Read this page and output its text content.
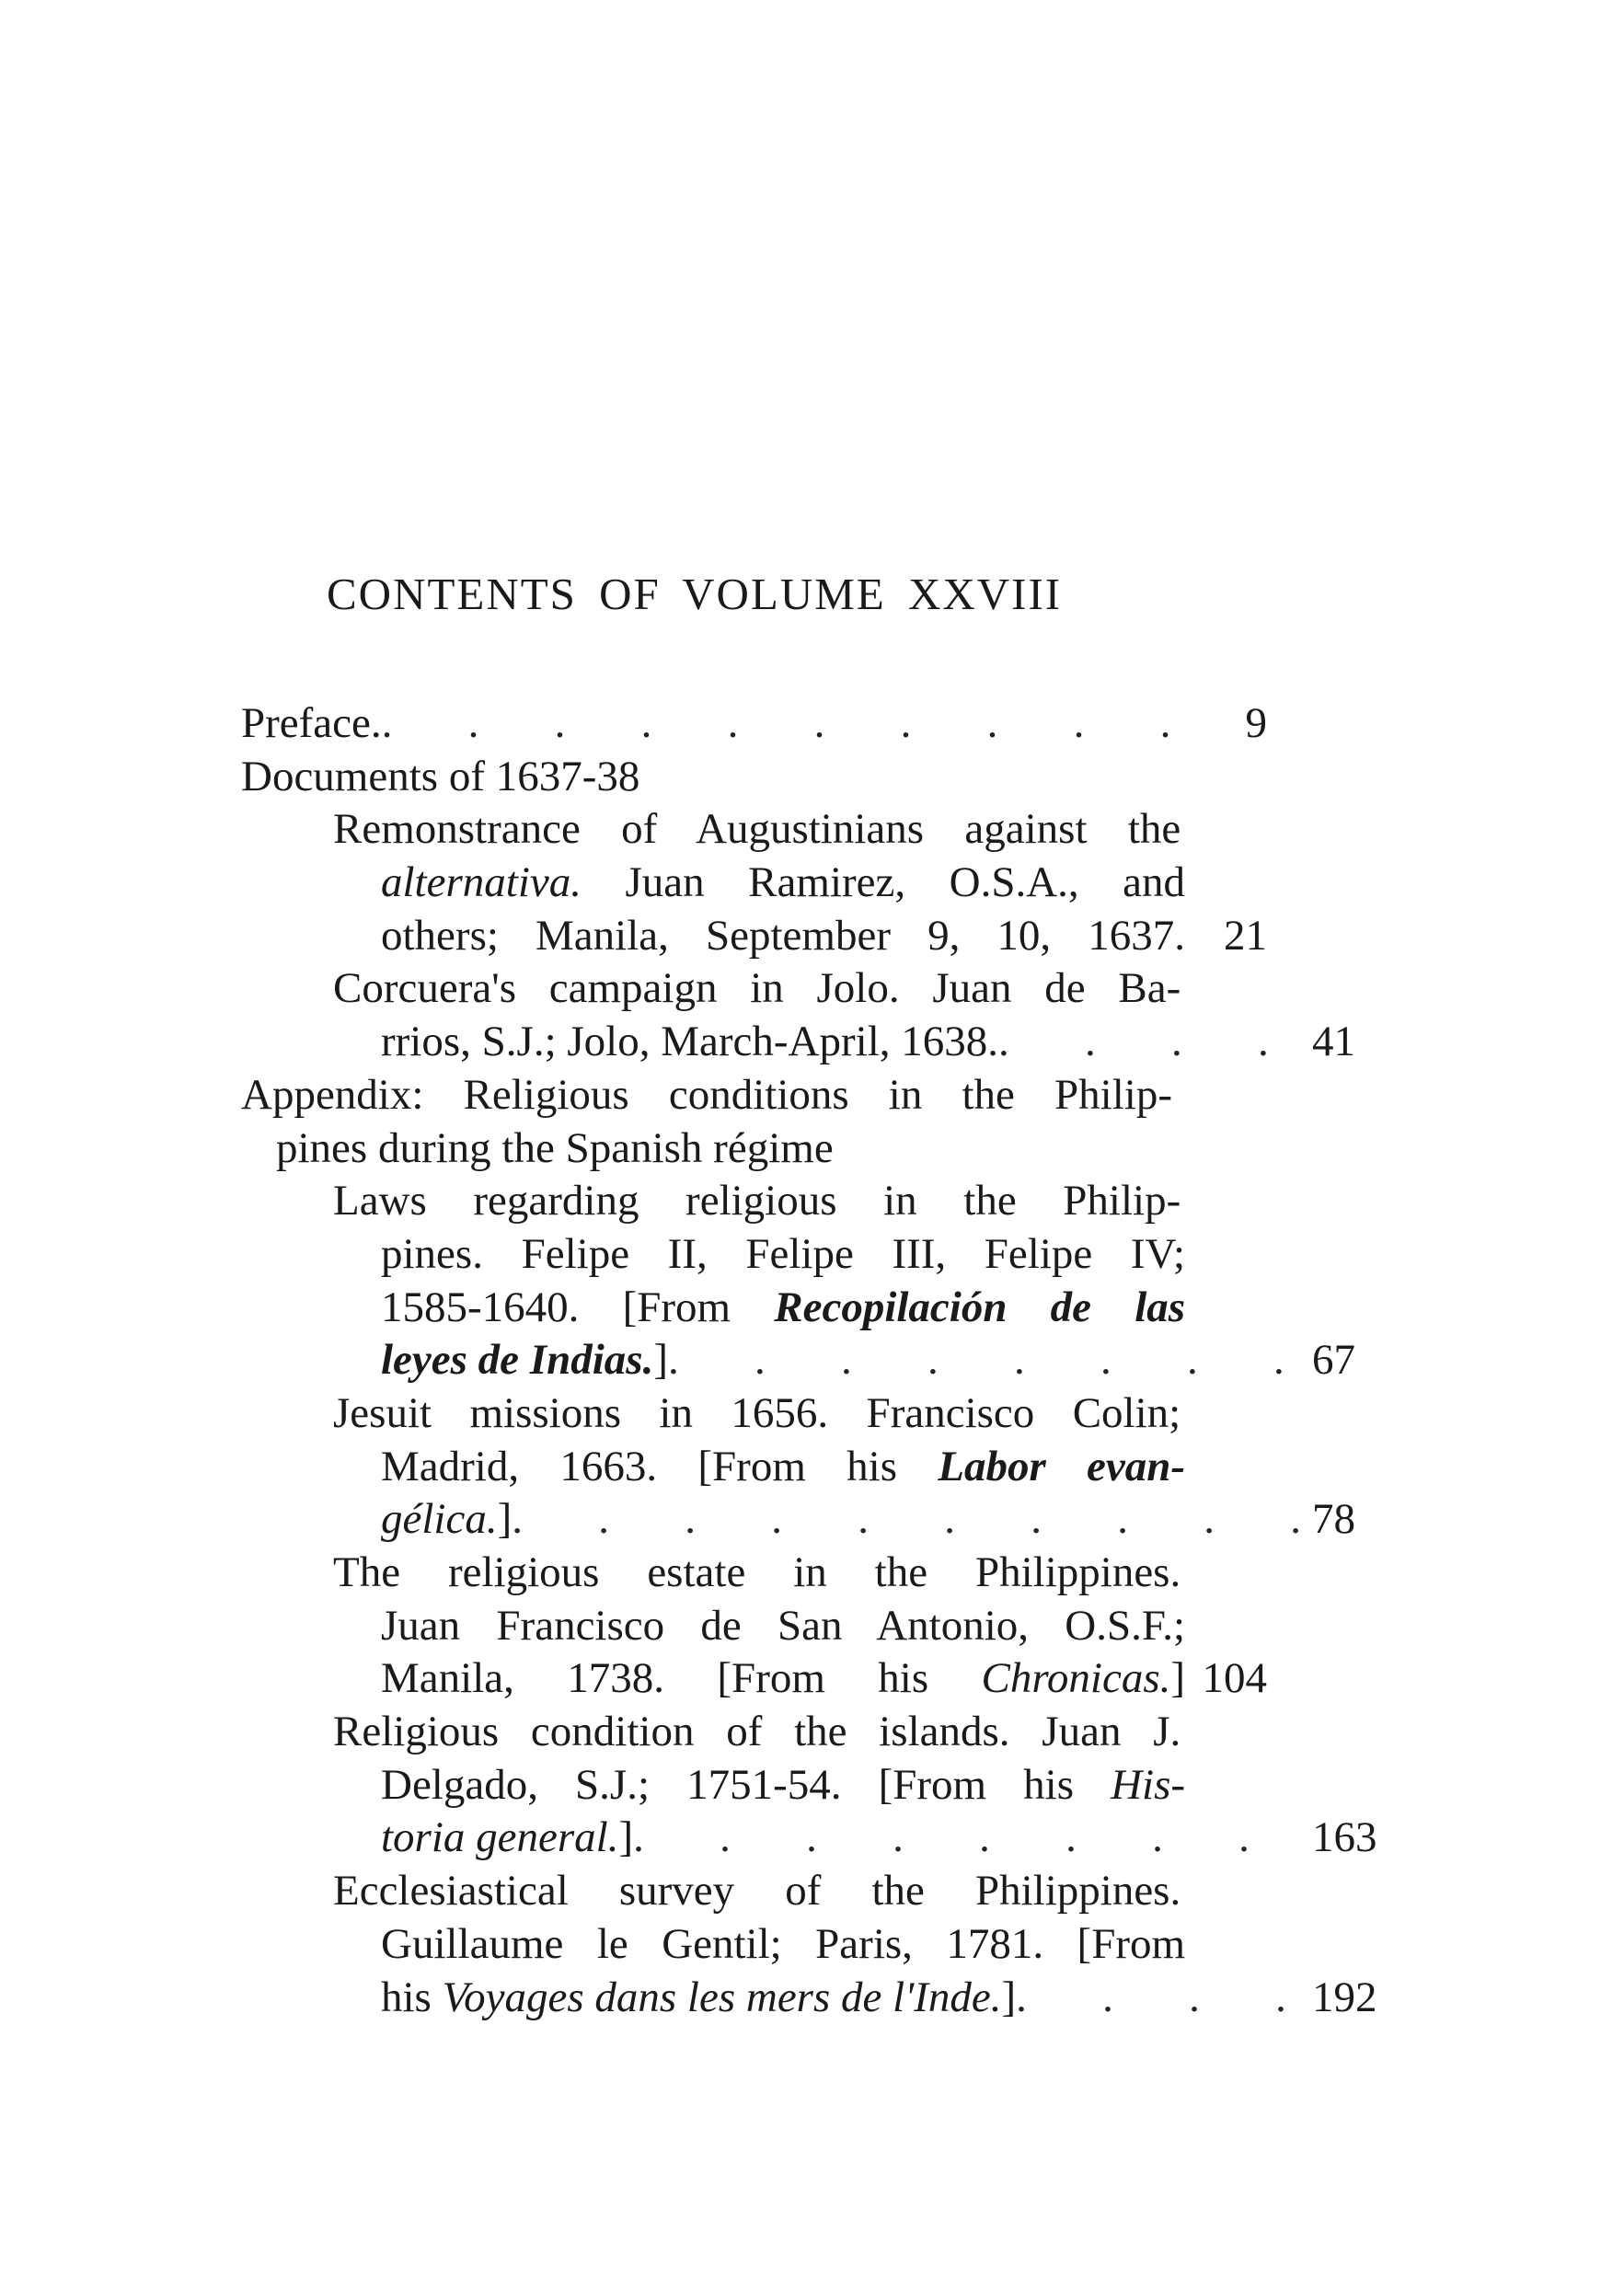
CONTENTS OF VOLUME XXVIII
Preface. .	9
Documents of 1637-38
Remonstrance of Augustinians against the
alternativa. Juan Ramirez, O.S.A., and
others; Manila, September 9, 10, 1637. 21
Corcuera's campaign in Jolo. Juan de Ba-
rrios, S.J.; Jolo, March-April, 1638. .	41
Appendix: Religious conditions in the Philip-
pines during the Spanish régime
Laws regarding religious in the Philip-
pines. Felipe II, Felipe III, Felipe IV;
1585-1640. [From Recopilación de las
leyes de Indias.] .	67
Jesuit missions in 1656. Francisco Colin;
Madrid, 1663. [From his Labor evan-
gélica.] .	78
The religious estate in the Philippines.
Juan Francisco de San Antonio, O.S.F.;
Manila, 1738. [From his Chronicas.] 104
Religious condition of the islands. Juan J.
Delgado, S.J.; 1751-54. [From his His-
toria general.] .	163
Ecclesiastical survey of the Philippines.
Guillaume le Gentil; Paris, 1781. [From
his Voyages dans les mers de l'Inde.] .	192
